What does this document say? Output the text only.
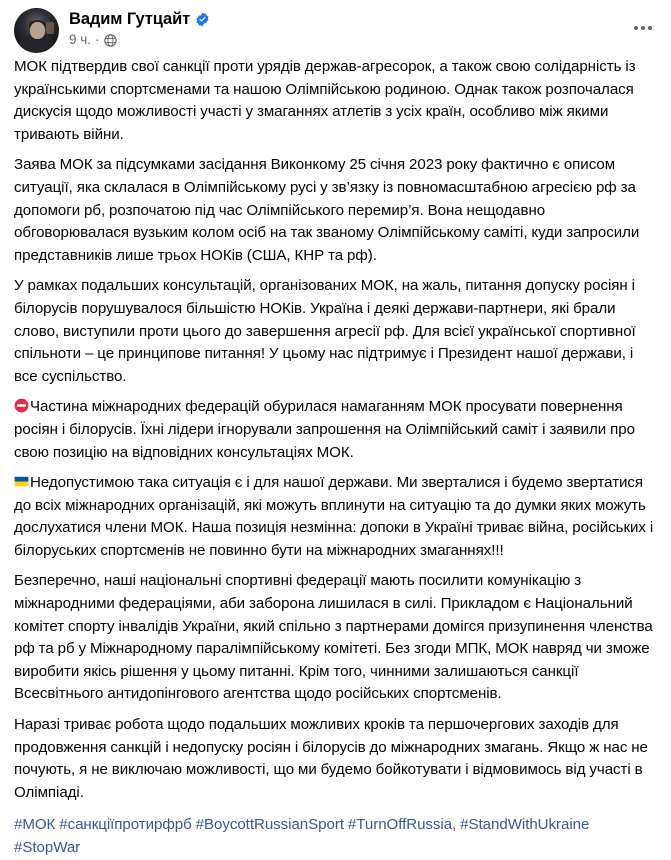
Вадим Гутцайт
9 ч. ·

МОК підтвердив свої санкції проти урядів держав-агресорок, а також свою солідарність із українськими спортсменами та нашою Олімпійською родиною. Однак також розпочалася дискусія щодо можливості участі у змаганнях атлетів з усіх країн, особливо між якими тривають війни.

Заява МОК за підсумками засідання Виконкому 25 січня 2023 року фактично є описом ситуації, яка склалася в Олімпійському русі у зв’язку із повномасштабною агресією рф за допомоги рб, розпочатою під час Олімпійського перемир’я. Вона нещодавно обговорювалася вузьким колом осіб на так званому Олімпійському саміті, куди запросили представників лише трьох НОКів (США, КНР та рф).

У рамках подальших консультацій, організованих МОК, на жаль, питання допуску росіян і білорусів порушувалося більшістю НОКів. Україна і деякі держави-партнери, які брали слово, виступили проти цього до завершення агресії рф. Для всієї української спортивної спільноти – це принципове питання! У цьому нас підтримує і Президент нашої держави, і все суспільство.

Частина міжнародних федерацій обурилася намаганням МОК просувати повернення росіян і білорусів. Їхні лідери ігнорували запрошення на Олімпійський саміт і заявили про свою позицію на відповідних консультаціях МОК.

Недопустимою така ситуація є і для нашої держави. Ми зверталися і будемо звертатися до всіх міжнародних організацій, які можуть вплинути на ситуацію та до думки яких можуть дослухатися члени МОК. Наша позиція незмінна: допоки в Україні триває війна, російських і білоруських спортсменів не повинно бути на міжнародних змаганнях!!!

Безперечно, наші національні спортивні федерації мають посилити комунікацію з міжнародними федераціями, аби заборона лишилася в силі. Прикладом є Національний комітет спорту інвалідів України, який спільно з партнерами домігся призупинення членства рф та рб у Міжнародному паралімпійському комітеті. Без згоди МПК, МОК навряд чи зможе виробити якісь рішення у цьому питанні. Крім того, чинними залишаються санкції Всесвітнього антидопінгового агентства щодо російських спортсменів.

Наразі триває робота щодо подальших можливих кроків та першочергових заходів для продовження санкцій і недопуску росіян і білорусів до міжнародних змагань. Якщо ж нас не почують, я не виключаю можливості, що ми будемо бойкотувати і відмовимось від участі в Олімпіаді.

#МОК #санкціїпротирфрб #BoycottRussianSport #TurnOffRussia, #StandWithUkraine #StopWar
